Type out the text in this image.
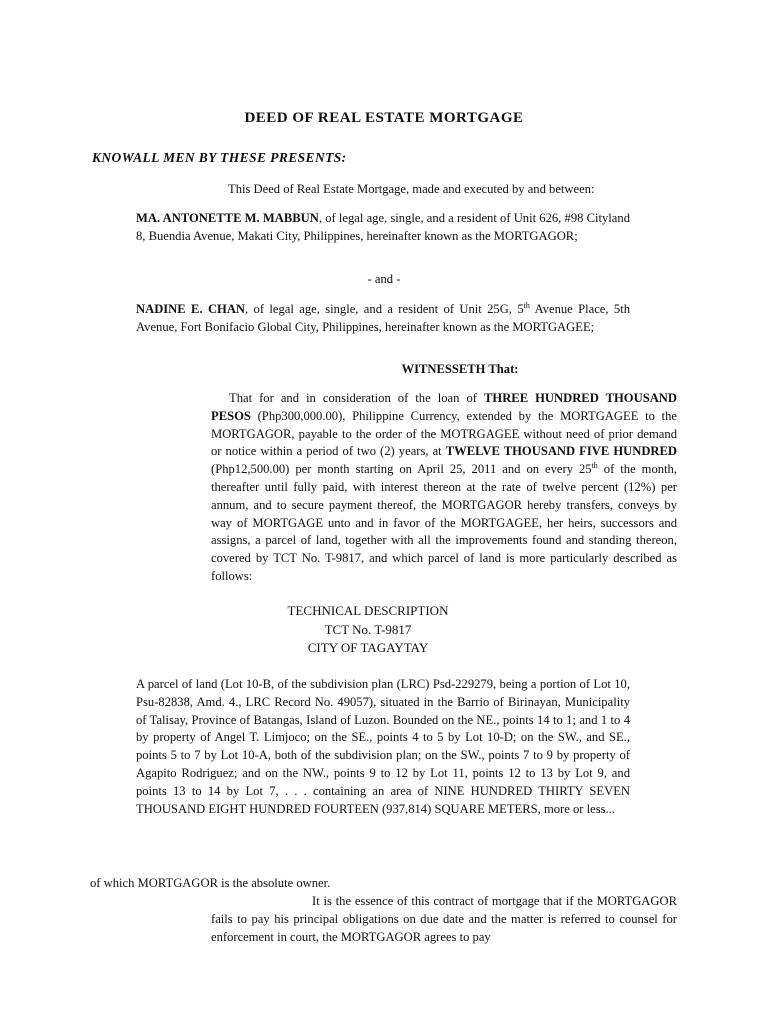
DEED OF REAL ESTATE MORTGAGE
KNOWALL MEN BY THESE PRESENTS:
This Deed of Real Estate Mortgage, made and executed by and between:
MA. ANTONETTE M. MABBUN, of legal age, single, and a resident of Unit 626, #98 Cityland 8, Buendia Avenue, Makati City, Philippines, hereinafter known as the MORTGAGOR;
- and -
NADINE E. CHAN, of legal age, single, and a resident of Unit 25G, 5th Avenue Place, 5th Avenue, Fort Bonifacio Global City, Philippines, hereinafter known as the MORTGAGEE;
WITNESSETH That:
That for and in consideration of the loan of THREE HUNDRED THOUSAND PESOS (Php300,000.00), Philippine Currency, extended by the MORTGAGEE to the MORTGAGOR, payable to the order of the MOTRGAGEE without need of prior demand or notice within a period of two (2) years, at TWELVE THOUSAND FIVE HUNDRED (Php12,500.00) per month starting on April 25, 2011 and on every 25th of the month, thereafter until fully paid, with interest thereon at the rate of twelve percent (12%) per annum, and to secure payment thereof, the MORTGAGOR hereby transfers, conveys by way of MORTGAGE unto and in favor of the MORTGAGEE, her heirs, successors and assigns, a parcel of land, together with all the improvements found and standing thereon, covered by TCT No. T-9817, and which parcel of land is more particularly described as follows:
TECHNICAL DESCRIPTION
TCT No. T-9817
CITY OF TAGAYTAY
A parcel of land (Lot 10-B, of the subdivision plan (LRC) Psd-229279, being a portion of Lot 10, Psu-82838, Amd. 4., LRC Record No. 49057), situated in the Barrio of Birinayan, Municipality of Talisay, Province of Batangas, Island of Luzon. Bounded on the NE., points 14 to 1; and 1 to 4 by property of Angel T. Limjoco; on the SE., points 4 to 5 by Lot 10-D; on the SW., and SE., points 5 to 7 by Lot 10-A, both of the subdivision plan; on the SW., points 7 to 9 by property of Agapito Rodriguez; and on the NW., points 9 to 12 by Lot 11, points 12 to 13 by Lot 9, and points 13 to 14 by Lot 7, . . . containing an area of NINE HUNDRED THIRTY SEVEN THOUSAND EIGHT HUNDRED FOURTEEN (937,814) SQUARE METERS, more or less...
of which MORTGAGOR is the absolute owner.
It is the essence of this contract of mortgage that if the MORTGAGOR fails to pay his principal obligations on due date and the matter is referred to counsel for enforcement in court, the MORTGAGOR agrees to pay
